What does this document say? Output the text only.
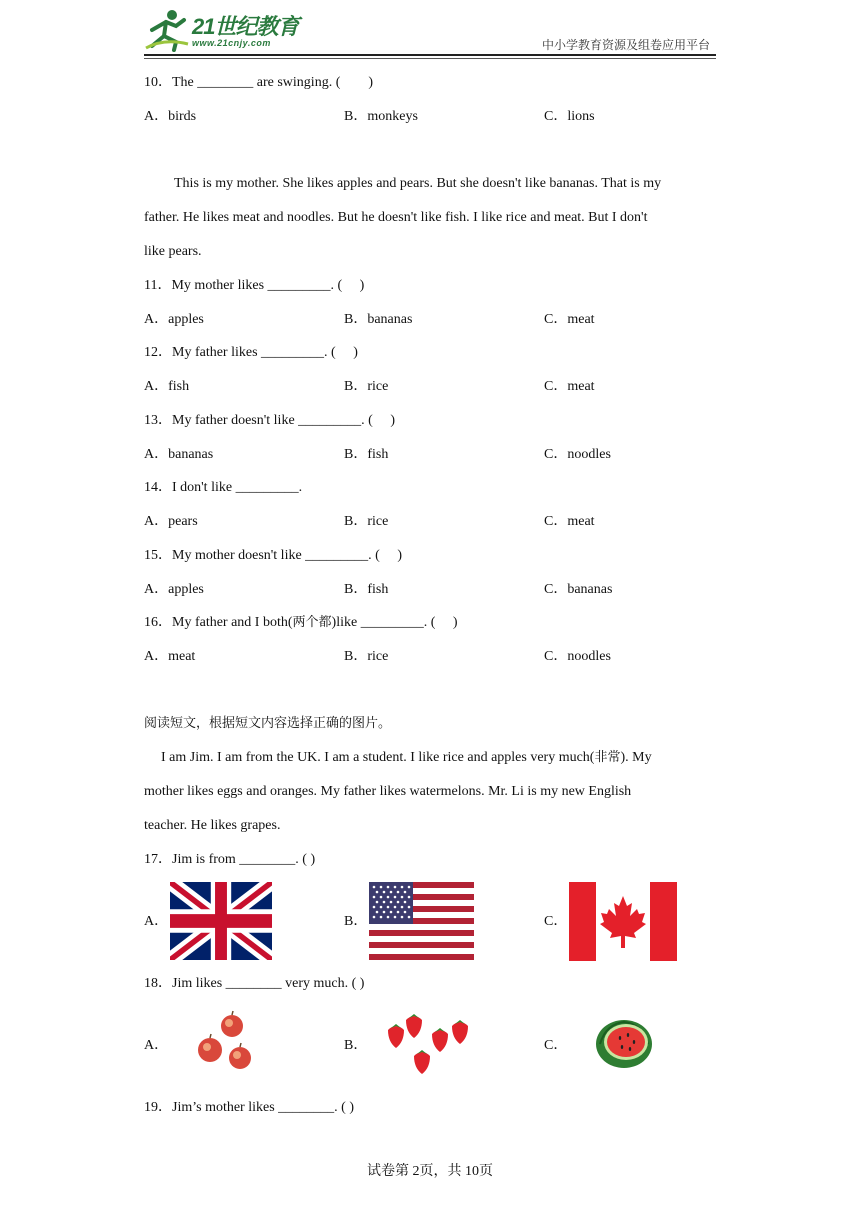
21世纪教育
www.21cnjy.com	中小学教育资源及组卷应用平台
10．The ________ are swinging. (　　)
A．birds	B．monkeys	C．lions
This is my mother. She likes apples and pears. But she doesn't like bananas. That is my
father. He likes meat and noodles. But he doesn't like fish. I like rice and meat. But I don't
like pears.
11．My mother likes _________. (　 )
A．apples	B．bananas	C．meat
12．My father likes _________. (　 )
A．fish	B．rice	C．meat
13．My father doesn't like _________. (　 )
A．bananas	B．fish	C．noodles
14．I don't like _________.
A．pears	B．rice	C．meat
15．My mother doesn't like _________. (　 )
A．apples	B．fish	C．bananas
16．My father and I both(两个都)like _________. (　 )
A．meat	B．rice	C．noodles
阅读短文，根据短文内容选择正确的图片。
I am Jim. I am from the UK. I am a student. I like rice and apples very much(非常). My
mother likes eggs and oranges. My father likes watermelons. Mr. Li is my new English
teacher. He likes grapes.
17．Jim is from ________. ( )
A．	B．	C．
18．Jim likes ________ very much. ( )
A．	B．	C．
19．Jim’s mother likes ________. ( )
试卷第 2页，共 10页
